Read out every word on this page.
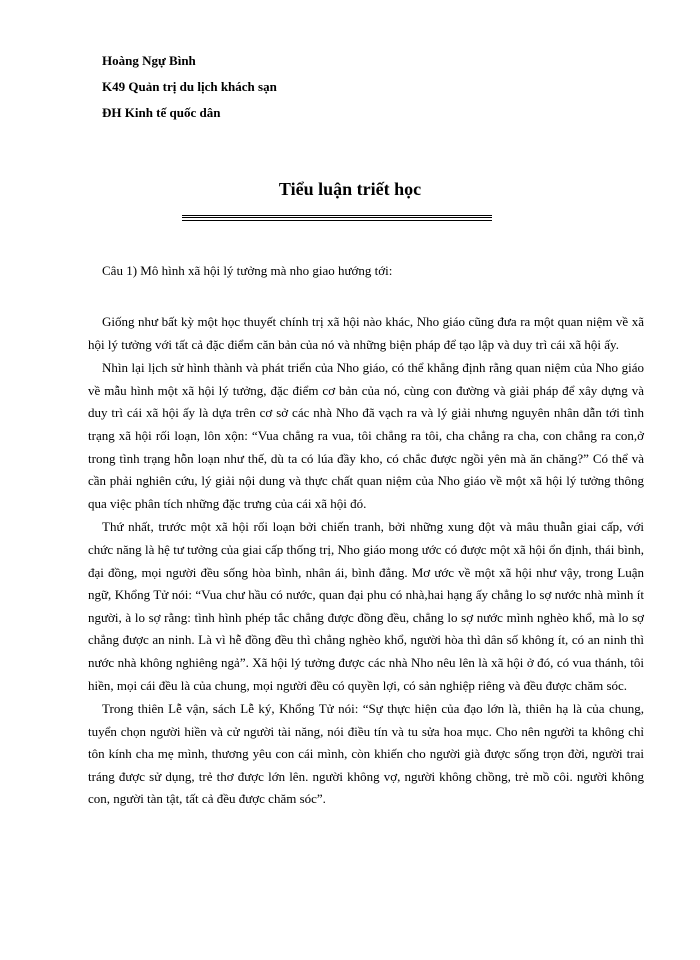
Hoàng Ngự Bình
K49 Quản trị du lịch khách sạn
ĐH Kinh tế quốc dân
Tiểu luận triết học
Câu 1) Mô hình xã hội lý tưởng mà nho giao hướng tới:

Giống như bất kỳ một học thuyết chính trị xã hội nào khác, Nho giáo cũng đưa ra một quan niệm về xã hội lý tưởng với tất cả đặc điểm căn bản của nó và những biện pháp để tạo lập và duy trì cái xã hội ấy.

Nhìn lại lịch sử hình thành và phát triển của Nho giáo, có thể khẳng định rằng quan niệm của Nho giáo về mẫu hình một xã hội lý tưởng, đặc điểm cơ bản của nó, cùng con đường và giải pháp để xây dựng và duy trì cái xã hội ấy là dựa trên cơ sở các nhà Nho đã vạch ra và lý giải nhưng nguyên nhân dẫn tới tình trạng xã hội rối loạn, lôn xộn: “Vua chẳng ra vua, tôi chẳng ra tôi, cha chẳng ra cha, con chẳng ra con,ở trong tình trạng hỗn loạn như thế, dù ta có lúa đầy kho, có chắc được ngồi yên mà ăn chăng?” Có thể và cần phải nghiên cứu, lý giải nội dung và thực chất quan niệm của Nho giáo về một xã hội lý tưởng thông qua việc phân tích những đặc trưng của cái xã hội đó.

Thứ nhất, trước một xã hội rối loạn bởi chiến tranh, bởi những xung đột và mâu thuẫn giai cấp, với chức năng là hệ tư tưởng của giai cấp thống trị, Nho giáo mong ước có được một xã hội ổn định, thái bình, đại đồng, mọi người đều sống hòa bình, nhân ái, bình đẳng. Mơ ước về một xã hội như vậy, trong Luận ngữ, Khổng Tử nói: “Vua chư hầu có nước, quan đại phu có nhà,hai hạng ấy chẳng lo sợ nước nhà mình ít người, à lo sợ rằng: tình hình phép tắc chẳng được đồng đều, chẳng lo sợ nước mình nghèo khổ, mà lo sợ chẳng được an ninh. Là vì hễ đồng đều thì chẳng nghèo khổ, người hòa thì dân số không ít, có an ninh thì nước nhà không nghiêng ngả”. Xã hội lý tưởng được các nhà Nho nêu lên là xã hội ở đó, có vua thánh, tôi hiền, mọi cái đều là của chung, mọi người đều có quyền lợi, có sản nghiệp riêng và đều được chăm sóc.

Trong thiên Lễ vận, sách Lễ ký, Khổng Tử nói: “Sự thực hiện của đạo lớn là, thiên hạ là của chung, tuyển chọn người hiền và cử người tài năng, nói điều tín và tu sửa hoa mục. Cho nên người ta không chỉ tôn kính cha mẹ mình, thương yêu con cái mình, còn khiến cho người già được sống trọn đời, người trai tráng được sử dụng, trẻ thơ được lớn lên. người không vợ, người không chồng, trẻ mồ côi. người không con, người tàn tật, tất cả đều được chăm sóc”.
